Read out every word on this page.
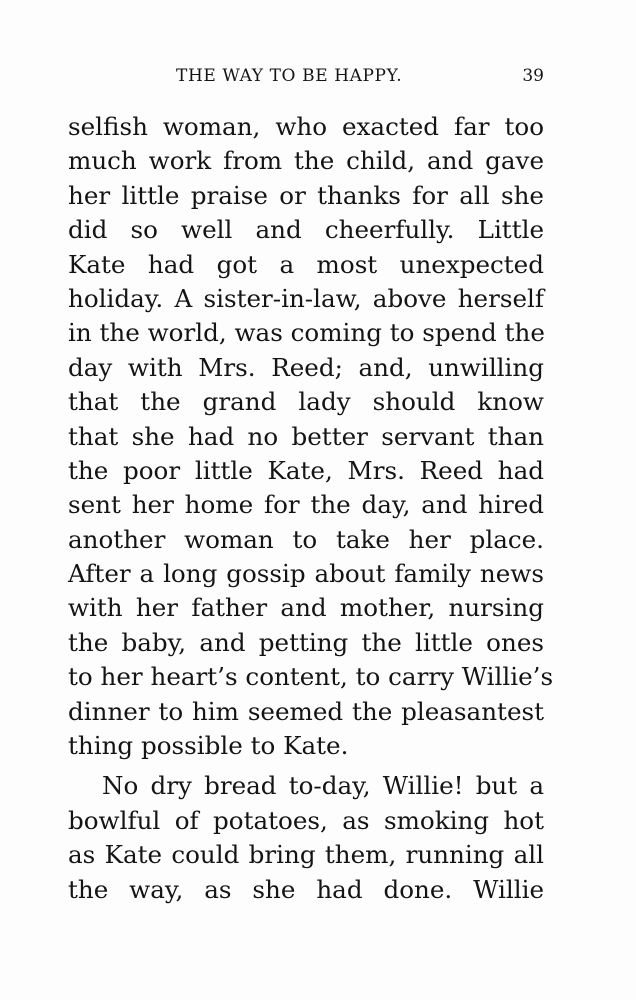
THE WAY TO BE HAPPY.	39
selfish woman, who exacted far too
much work from the child, and gave
her little praise or thanks for all she
did so well and cheerfully. Little
Kate had got a most unexpected
holiday. A sister-in-law, above herself
in the world, was coming to spend the
day with Mrs. Reed; and, unwilling
that the grand lady should know
that she had no better servant than
the poor little Kate, Mrs. Reed had
sent her home for the day, and hired
another woman to take her place.
After a long gossip about family news
with her father and mother, nursing
the baby, and petting the little ones
to her heart’s content, to carry Willie’s
dinner to him seemed the pleasantest
thing possible to Kate.
No dry bread to-day, Willie! but a
bowlful of potatoes, as smoking hot
as Kate could bring them, running all
the way, as she had done. Willie
